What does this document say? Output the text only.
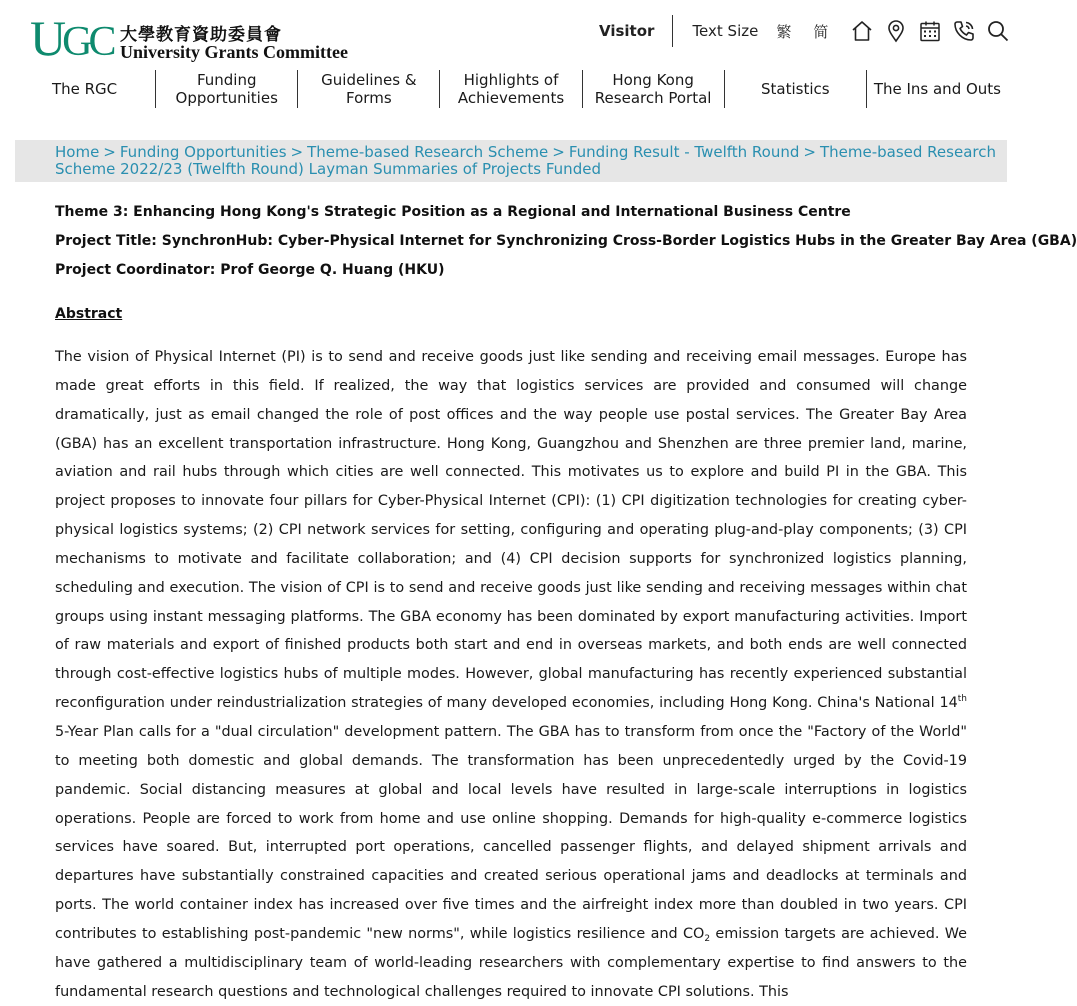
UGC 大學教育資助委員會
University Grants Committee
Visitor	Text Size 繁 简
The RGC	Funding
Opportunities
Guidelines &
Forms
Highlights of
Achievements
Hong Kong
Research Portal	Statistics	The Ins and Outs
Home > Funding Opportunities > Theme-based Research Scheme > Funding Result - Twelfth Round > Theme-based Research Scheme 2022/23 (Twelfth Round) Layman Summaries of Projects Funded
Theme 3: Enhancing Hong Kong's Strategic Position as a Regional and International Business Centre
Project Title: SynchronHub: Cyber-Physical Internet for Synchronizing Cross-Border Logistics Hubs in the Greater Bay Area (GBA)
Project Coordinator: Prof George Q. Huang (HKU)
Abstract

The vision of Physical Internet (PI) is to send and receive goods just like sending and receiving email messages. Europe has made great efforts in this field. If realized, the way that logistics services are provided and consumed will change dramatically, just as email changed the role of post offices and the way people use postal services. The Greater Bay Area (GBA) has an excellent transportation infrastructure. Hong Kong, Guangzhou and Shenzhen are three premier land, marine, aviation and rail hubs through which cities are well connected. This motivates us to explore and build PI in the GBA. This project proposes to innovate four pillars for Cyber-Physical Internet (CPI): (1) CPI digitization technologies for creating cyber-physical logistics systems; (2) CPI network services for setting, configuring and operating plug-and-play components; (3) CPI mechanisms to motivate and facilitate collaboration; and (4) CPI decision supports for synchronized logistics planning, scheduling and execution. The vision of CPI is to send and receive goods just like sending and receiving messages within chat groups using instant messaging platforms. The GBA economy has been dominated by export manufacturing activities. Import of raw materials and export of finished products both start and end in overseas markets, and both ends are well connected through cost-effective logistics hubs of multiple modes. However, global manufacturing has recently experienced substantial reconfiguration under reindustrialization strategies of many developed economies, including Hong Kong. China's National 14th 5-Year Plan calls for a "dual circulation" development pattern. The GBA has to transform from once the "Factory of the World" to meeting both domestic and global demands. The transformation has been unprecedentedly urged by the Covid-19 pandemic. Social distancing measures at global and local levels have resulted in large-scale interruptions in logistics operations. People are forced to work from home and use online shopping. Demands for high-quality e-commerce logistics services have soared. But, interrupted port operations, cancelled passenger flights, and delayed shipment arrivals and departures have substantially constrained capacities and created serious operational jams and deadlocks at terminals and ports. The world container index has increased over five times and the airfreight index more than doubled in two years. CPI contributes to establishing post-pandemic "new norms", while logistics resilience and $CO_2$ emission targets are achieved. We have gathered a multidisciplinary team of world-leading researchers with complementary expertise to find answers to the fundamental research questions and technological challenges required to innovate CPI solutions. This
